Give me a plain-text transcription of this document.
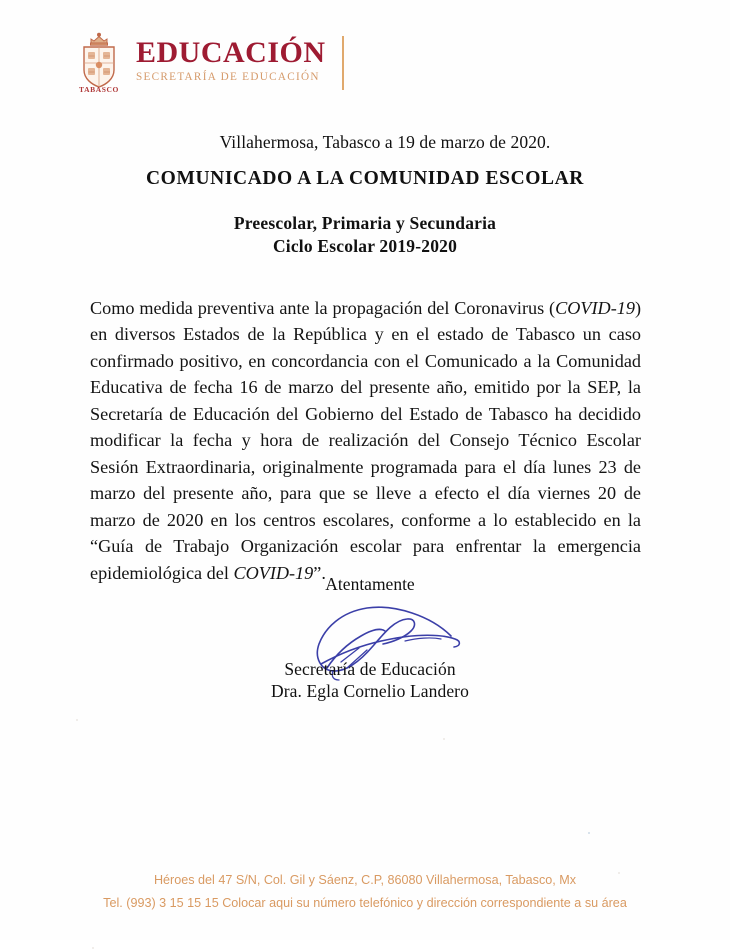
TABASCO
EDUCACIÓN
SECRETARÍA DE EDUCACIÓN
Villahermosa, Tabasco a 19 de marzo de 2020.
COMUNICADO A LA COMUNIDAD ESCOLAR
Preescolar, Primaria y Secundaria
Ciclo Escolar 2019-2020
Como medida preventiva ante la propagación del Coronavirus (COVID-19) en diversos Estados de la República y en el estado de Tabasco un caso confirmado positivo, en concordancia con el Comunicado a la Comunidad Educativa de fecha 16 de marzo del presente año, emitido por la SEP, la Secretaría de Educación del Gobierno del Estado de Tabasco ha decidido modificar la fecha y hora de realización del Consejo Técnico Escolar Sesión Extraordinaria, originalmente programada para el día lunes 23 de marzo del presente año, para que se lleve a efecto el día viernes 20 de marzo de 2020 en los centros escolares, conforme a lo establecido en la “Guía de Trabajo Organización escolar para enfrentar la emergencia epidemiológica del COVID-19”.
Atentamente
Secretaría de Educación
Dra. Egla Cornelio Landero
Héroes del 47 S/N, Col. Gil y Sáenz, C.P, 86080 Villahermosa, Tabasco, Mx
Tel. (993) 3 15 15 15 Colocar aqui su número telefónico y dirección correspondiente a su área
